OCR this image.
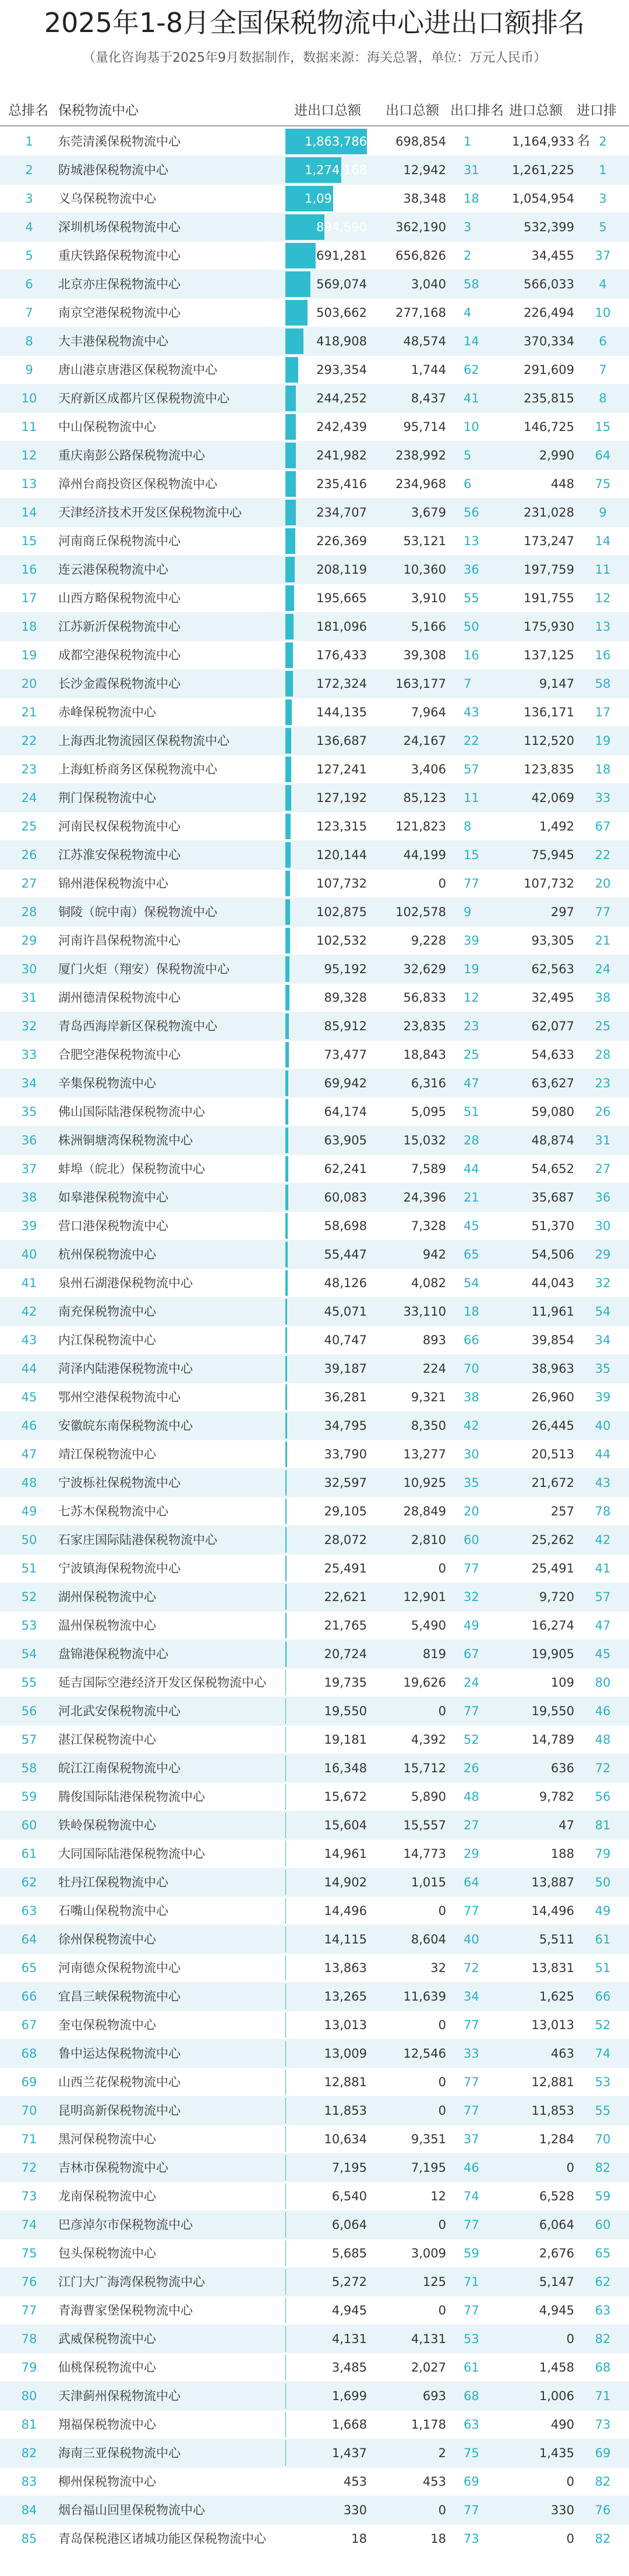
2025年1-8月全国保税物流中心进出口额排名
（量化咨询基于2025年9月数据制作，数据来源：海关总署，单位：万元人民币）
总排名 保税物流中心	进出口总额 出口总额 出口排名 进口总额 进口排名
1	东莞清溪保税物流中心	1,863,786	698,854	1	1,164,933	2
2	防城港保税物流中心	1,274,168	12,942	31	1,261,225	1
3	义乌保税物流中心	1,093,302	38,348	18	1,054,954	3
4	深圳机场保税物流中心	894,590	362,190	3	532,399	5
5	重庆铁路保税物流中心	691,281	656,826	2	34,455	37
6	北京亦庄保税物流中心	569,074	3,040	58	566,033	4
7	南京空港保税物流中心	503,662	277,168	4	226,494	10
8	大丰港保税物流中心	418,908	48,574	14	370,334	6
9	唐山港京唐港区保税物流中心	293,354	1,744	62	291,609	7
10	天府新区成都片区保税物流中心	244,252	8,437	41	235,815	8
11	中山保税物流中心	242,439	95,714	10	146,725	15
12	重庆南彭公路保税物流中心	241,982	238,992	5	2,990	64
13	漳州台商投资区保税物流中心	235,416	234,968	6	448	75
14	天津经济技术开发区保税物流中心	234,707	3,679	56	231,028	9
15	河南商丘保税物流中心	226,369	53,121	13	173,247	14
16	连云港保税物流中心	208,119	10,360	36	197,759	11
17	山西方略保税物流中心	195,665	3,910	55	191,755	12
18	江苏新沂保税物流中心	181,096	5,166	50	175,930	13
19	成都空港保税物流中心	176,433	39,308	16	137,125	16
20	长沙金霞保税物流中心	172,324	163,177	7	9,147	58
21	赤峰保税物流中心	144,135	7,964	43	136,171	17
22	上海西北物流园区保税物流中心	136,687	24,167	22	112,520	19
23	上海虹桥商务区保税物流中心	127,241	3,406	57	123,835	18
24	荆门保税物流中心	127,192	85,123	11	42,069	33
25	河南民权保税物流中心	123,315	121,823	8	1,492	67
26	江苏淮安保税物流中心	120,144	44,199	15	75,945	22
27	锦州港保税物流中心	107,732	0	77	107,732	20
28	铜陵（皖中南）保税物流中心	102,875	102,578	9	297	77
29	河南许昌保税物流中心	102,532	9,228	39	93,305	21
30	厦门火炬（翔安）保税物流中心	95,192	32,629	19	62,563	24
31	湖州德清保税物流中心	89,328	56,833	12	32,495	38
32	青岛西海岸新区保税物流中心	85,912	23,835	23	62,077	25
33	合肥空港保税物流中心	73,477	18,843	25	54,633	28
34	辛集保税物流中心	69,942	6,316	47	63,627	23
35	佛山国际陆港保税物流中心	64,174	5,095	51	59,080	26
36	株洲铜塘湾保税物流中心	63,905	15,032	28	48,874	31
37	蚌埠（皖北）保税物流中心	62,241	7,589	44	54,652	27
38	如皋港保税物流中心	60,083	24,396	21	35,687	36
39	营口港保税物流中心	58,698	7,328	45	51,370	30
40	杭州保税物流中心	55,447	942	65	54,506	29
41	泉州石湖港保税物流中心	48,126	4,082	54	44,043	32
42	南充保税物流中心	45,071	33,110	18	11,961	54
43	内江保税物流中心	40,747	893	66	39,854	34
44	菏泽内陆港保税物流中心	39,187	224	70	38,963	35
45	鄂州空港保税物流中心	36,281	9,321	38	26,960	39
46	安徽皖东南保税物流中心	34,795	8,350	42	26,445	40
47	靖江保税物流中心	33,790	13,277	30	20,513	44
48	宁波栎社保税物流中心	32,597	10,925	35	21,672	43
49	七苏木保税物流中心	29,105	28,849	20	257	78
50	石家庄国际陆港保税物流中心	28,072	2,810	60	25,262	42
51	宁波镇海保税物流中心	25,491	0	77	25,491	41
52	湖州保税物流中心	22,621	12,901	32	9,720	57
53	温州保税物流中心	21,765	5,490	49	16,274	47
54	盘锦港保税物流中心	20,724	819	67	19,905	45
55	延吉国际空港经济开发区保税物流中心	19,735	19,626	24	109	80
56	河北武安保税物流中心	19,550	0	77	19,550	46
57	湛江保税物流中心	19,181	4,392	52	14,789	48
58	皖江江南保税物流中心	16,348	15,712	26	636	72
59	腾俊国际陆港保税物流中心	15,672	5,890	48	9,782	56
60	铁岭保税物流中心	15,604	15,557	27	47	81
61	大同国际陆港保税物流中心	14,961	14,773	29	188	79
62	牡丹江保税物流中心	14,902	1,015	64	13,887	50
63	石嘴山保税物流中心	14,496	0	77	14,496	49
64	徐州保税物流中心	14,115	8,604	40	5,511	61
65	河南德众保税物流中心	13,863	32	72	13,831	51
66	宜昌三峡保税物流中心	13,265	11,639	34	1,625	66
67	奎屯保税物流中心	13,013	0	77	13,013	52
68	鲁中运达保税物流中心	13,009	12,546	33	463	74
69	山西兰花保税物流中心	12,881	0	77	12,881	53
70	昆明高新保税物流中心	11,853	0	77	11,853	55
71	黑河保税物流中心	10,634	9,351	37	1,284	70
72	吉林市保税物流中心	7,195	7,195	46	0	82
73	龙南保税物流中心	6,540	12	74	6,528	59
74	巴彦淖尔市保税物流中心	6,064	0	77	6,064	60
75	包头保税物流中心	5,685	3,009	59	2,676	65
76	江门大广海湾保税物流中心	5,272	125	71	5,147	62
77	青海曹家堡保税物流中心	4,945	0	77	4,945	63
78	武威保税物流中心	4,131	4,131	53	0	82
79	仙桃保税物流中心	3,485	2,027	61	1,458	68
80	天津蓟州保税物流中心	1,699	693	68	1,006	71
81	翔福保税物流中心	1,668	1,178	63	490	73
82	海南三亚保税物流中心	1,437	2	75	1,435	69
83	柳州保税物流中心	453	453	69	0	82
84	烟台福山回里保税物流中心	330	0	77	330	76
85	青岛保税港区诸城功能区保税物流中心	18	18	73	0	82
